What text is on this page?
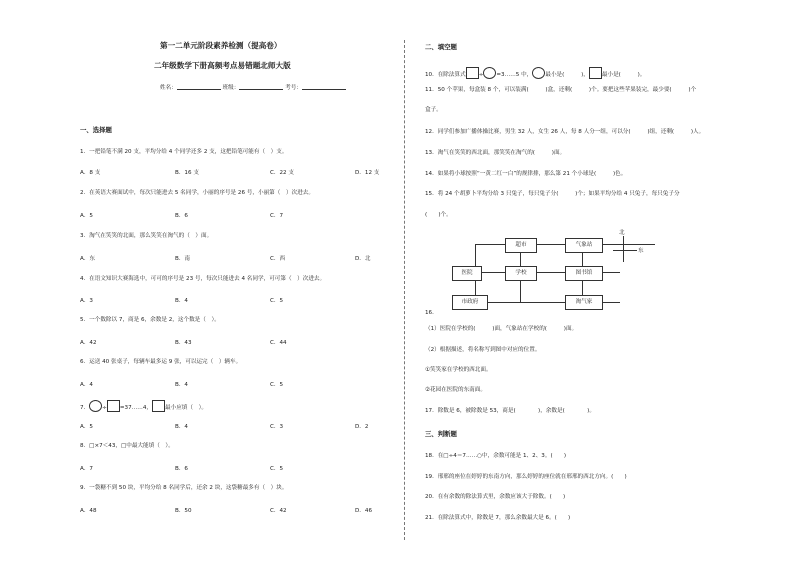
第一二单元阶段素养检测（提高卷）
二年级数学下册高频考点易错题北师大版
姓名：	班级：	考号：
一、选择题
1．一把铅笔不满 20 支，平均分给 4 个同学还多 2 支，这把铅笔可能有（　）支。
A．8 支	B．16 支	C．22 支	D．12 支
2．在英语大赛面试中，每次只能进去 5 名同学，小丽的序号是 26 号，小丽第（　）次进去。
A．5	B．6	C．7
3．淘气在笑笑的北面，那么笑笑在淘气的（　）面。
A．东	B．南	C．西	D．北
4．在语文知识大赛海选中，可可的序号是 23 号，每次只能进去 4 名同学，可可第（　）次进去。
A．3	B．4	C．5
5．一个数除以 7，商是 6，余数是 2，这个数是（　）。
A．42	B．43	C．44
6．运送 40 张桌子，每辆车最多运 9 张，可以运完（　）辆车。
A．4	B．4	C．5
7． ÷ =37……4， 最小应填（　）。
A．5	B．4	C．3	D．2
8．□×7＜43，□中最大能填（　）。
A．7	B．6	C．5
9．一袋糖不到 50 块，平均分给 8 名同学后，还余 2 块，这袋糖最多有（　）块。
A．48	B．50	C．42	D．46
二、填空题
10．在除法算式 ÷ =3……5 中， 最小是(　　　)， 最小是(　　　)。
11．50 个苹果，每盒装 8 个，可以装满(　　　)盒，还剩(　　　)个。要把这些苹果装完，最少要(　　　)个
盒子。
12．同学们参加广播体操比赛，男生 32 人，女生 26 人，每 8 人分一组，可以分(　　　)组，还剩(　　　)人。
13．淘气在笑笑的西北面，那笑笑在淘气的(　　　)面。
14．如果将小球按照“一黄二红一白”的规律排，那么第 21 个小球是(　　　)色。
15．将 24 个胡萝卜平均分给 3 只兔子，每只兔子分(　　　)个；如果平均分给 4 只兔子，每只兔子分
(　　)个。
超市	气象站
医院	学校	图书馆
市政府	淘气家
北
东
16．
（1）医院在学校的(　　　)面，气象站在学校的(　　　)面。
（2）根据描述，将名称写到图中对应的位置。
①笑笑家在学校的西北面。
②花园在医院的东南面。
17．除数是 6，被除数是 53，商是(　　　　)，余数是(　　　　)。
三、判断题
18．在□÷4＝7……○中，余数可能是 1、2、3。(　　)
19．邢邢的座位在婷婷的东南方向，那么婷婷的座位就在邢邢的西北方向。(　　)
20．在有余数的除法算式里，余数应该大于除数。(　　)
21．在除法算式中，除数是 7，那么余数最大是 6。(　　)
